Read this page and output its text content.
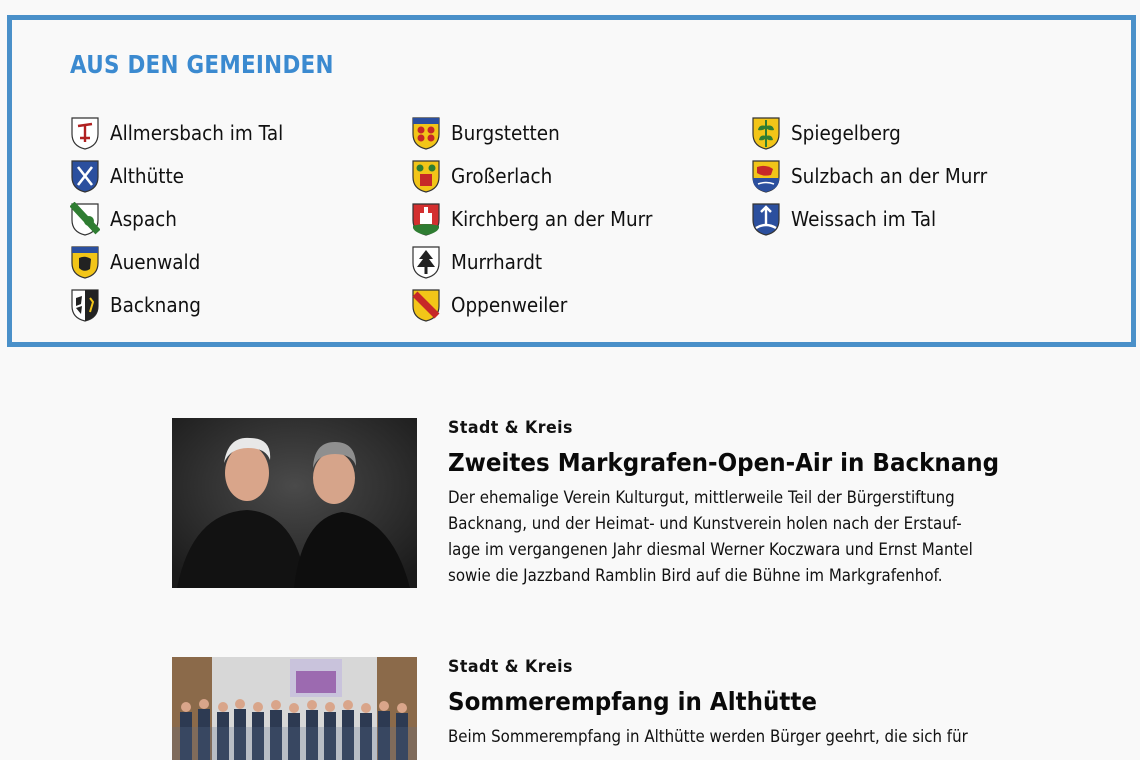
AUS DEN GEMEINDEN
Allmersbach im Tal
Althütte
Aspach
Auenwald
Backnang
Burgstetten
Großerlach
Kirchberg an der Murr
Murrhardt
Oppenweiler
Spiegelberg
Sulzbach an der Murr
Weissach im Tal
Stadt & Kreis
Zweites Markgrafen-Open-Air in Backnang
Der ehemalige Verein Kulturgut, mittlerweile Teil der Bürgerstiftung Backnang, und der Heimat- und Kunstverein holen nach der Erstauf-lage im vergangenen Jahr diesmal Werner Koczwara und Ernst Mantel sowie die Jazzband Ramblin Bird auf die Bühne im Markgrafenhof.
Stadt & Kreis
Sommerempfang in Althütte
Beim Sommerempfang in Althütte werden Bürger geehrt, die sich für
